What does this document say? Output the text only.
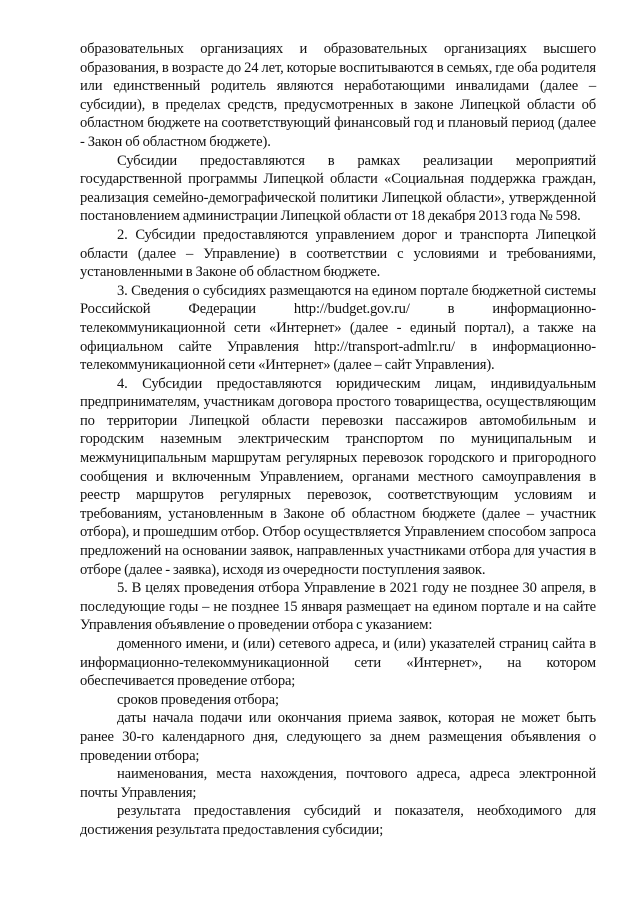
образовательных организациях и образовательных организациях высшего образования, в возрасте до 24 лет, которые воспитываются в семьях, где оба родителя или единственный родитель являются неработающими инвалидами (далее – субсидии), в пределах средств, предусмотренных в законе Липецкой области об областном бюджете на соответствующий финансовый год и плановый период (далее - Закон об областном бюджете).

Субсидии предоставляются в рамках реализации мероприятий государственной программы Липецкой области «Социальная поддержка граждан, реализация семейно-демографической политики Липецкой области», утвержденной постановлением администрации Липецкой области от 18 декабря 2013 года № 598.

2. Субсидии предоставляются управлением дорог и транспорта Липецкой области (далее – Управление) в соответствии с условиями и требованиями, установленными в Законе об областном бюджете.

3. Сведения о субсидиях размещаются на едином портале бюджетной системы Российской Федерации http://budget.gov.ru/ в информационно-телекоммуникационной сети «Интернет» (далее - единый портал), а также на официальном сайте Управления http://transport-admlr.ru/ в информационно-телекоммуникационной сети «Интернет» (далее – сайт Управления).

4. Субсидии предоставляются юридическим лицам, индивидуальным предпринимателям, участникам договора простого товарищества, осуществляющим по территории Липецкой области перевозки пассажиров автомобильным и городским наземным электрическим транспортом по муниципальным и межмуниципальным маршрутам регулярных перевозок городского и пригородного сообщения и включенным Управлением, органами местного самоуправления в реестр маршрутов регулярных перевозок, соответствующим условиям и требованиям, установленным в Законе об областном бюджете (далее – участник отбора), и прошедшим отбор. Отбор осуществляется Управлением способом запроса предложений на основании заявок, направленных участниками отбора для участия в отборе (далее - заявка), исходя из очередности поступления заявок.

5. В целях проведения отбора Управление в 2021 году не позднее 30 апреля, в последующие годы – не позднее 15 января размещает на едином портале и на сайте Управления объявление о проведении отбора с указанием:

доменного имени, и (или) сетевого адреса, и (или) указателей страниц сайта в информационно-телекоммуникационной сети «Интернет», на котором обеспечивается проведение отбора;

сроков проведения отбора;

даты начала подачи или окончания приема заявок, которая не может быть ранее 30-го календарного дня, следующего за днем размещения объявления о проведении отбора;

наименования, места нахождения, почтового адреса, адреса электронной почты Управления;

результата предоставления субсидий и показателя, необходимого для достижения результата предоставления субсидии;
